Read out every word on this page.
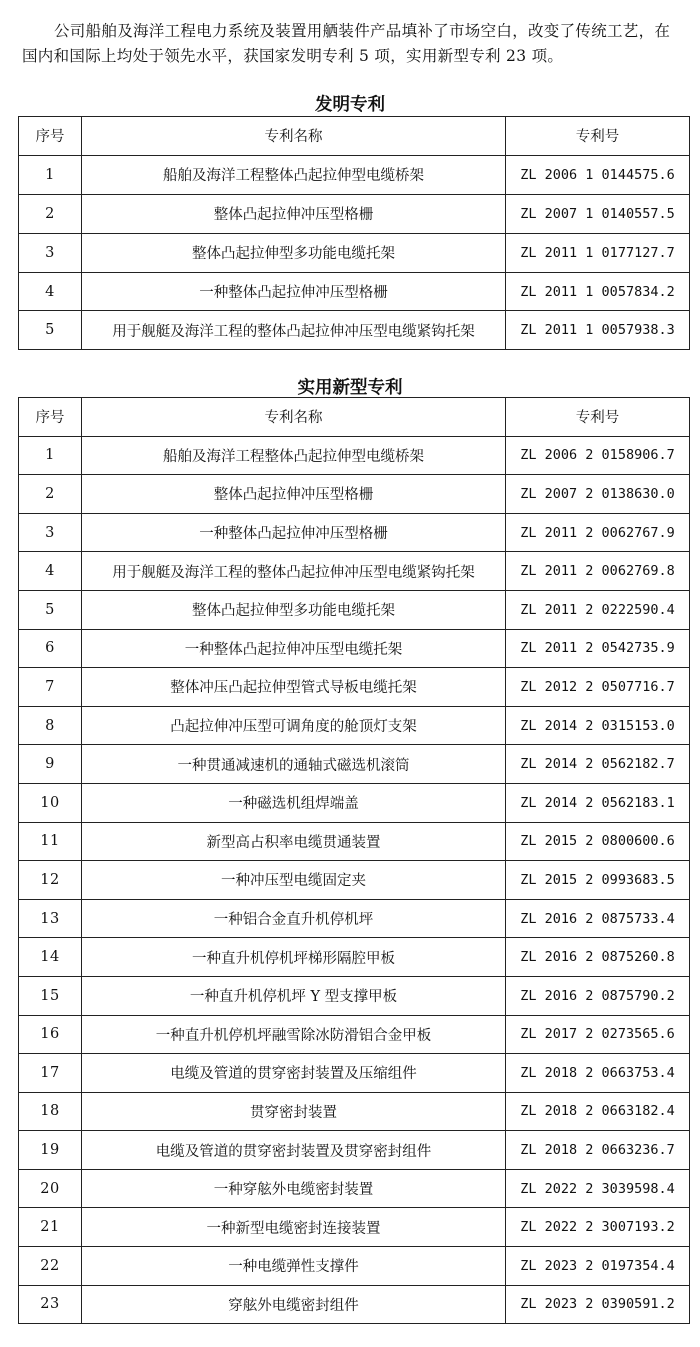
公司船舶及海洋工程电力系统及装置用舾装件产品填补了市场空白，改变了传统工艺，在国内和国际上均处于领先水平，获国家发明专利 5 项，实用新型专利 23 项。

发明专利
序号	专利名称	专利号
1	船舶及海洋工程整体凸起拉伸型电缆桥架	ZL 2006 1 0144575.6
2	整体凸起拉伸冲压型格栅	ZL 2007 1 0140557.5
3	整体凸起拉伸型多功能电缆托架	ZL 2011 1 0177127.7
4	一种整体凸起拉伸冲压型格栅	ZL 2011 1 0057834.2
5	用于舰艇及海洋工程的整体凸起拉伸冲压型电缆紧钩托架	ZL 2011 1 0057938.3
实用新型专利
序号	专利名称	专利号
1	船舶及海洋工程整体凸起拉伸型电缆桥架	ZL 2006 2 0158906.7
2	整体凸起拉伸冲压型格栅	ZL 2007 2 0138630.0
3	一种整体凸起拉伸冲压型格栅	ZL 2011 2 0062767.9
4	用于舰艇及海洋工程的整体凸起拉伸冲压型电缆紧钩托架	ZL 2011 2 0062769.8
5	整体凸起拉伸型多功能电缆托架	ZL 2011 2 0222590.4
6	一种整体凸起拉伸冲压型电缆托架	ZL 2011 2 0542735.9
7	整体冲压凸起拉伸型管式导板电缆托架	ZL 2012 2 0507716.7
8	凸起拉伸冲压型可调角度的舱顶灯支架	ZL 2014 2 0315153.0
9	一种贯通减速机的通轴式磁选机滚筒	ZL 2014 2 0562182.7
10	一种磁选机组焊端盖	ZL 2014 2 0562183.1
11	新型高占积率电缆贯通装置	ZL 2015 2 0800600.6
12	一种冲压型电缆固定夹	ZL 2015 2 0993683.5
13	一种铝合金直升机停机坪	ZL 2016 2 0875733.4
14	一种直升机停机坪梯形隔腔甲板	ZL 2016 2 0875260.8
15	一种直升机停机坪 Y 型支撑甲板	ZL 2016 2 0875790.2
16	一种直升机停机坪融雪除冰防滑铝合金甲板	ZL 2017 2 0273565.6
17	电缆及管道的贯穿密封装置及压缩组件	ZL 2018 2 0663753.4
18	贯穿密封装置	ZL 2018 2 0663182.4
19	电缆及管道的贯穿密封装置及贯穿密封组件	ZL 2018 2 0663236.7
20	一种穿舷外电缆密封装置	ZL 2022 2 3039598.4
21	一种新型电缆密封连接装置	ZL 2022 2 3007193.2
22	一种电缆弹性支撑件	ZL 2023 2 0197354.4
23	穿舷外电缆密封组件	ZL 2023 2 0390591.2
